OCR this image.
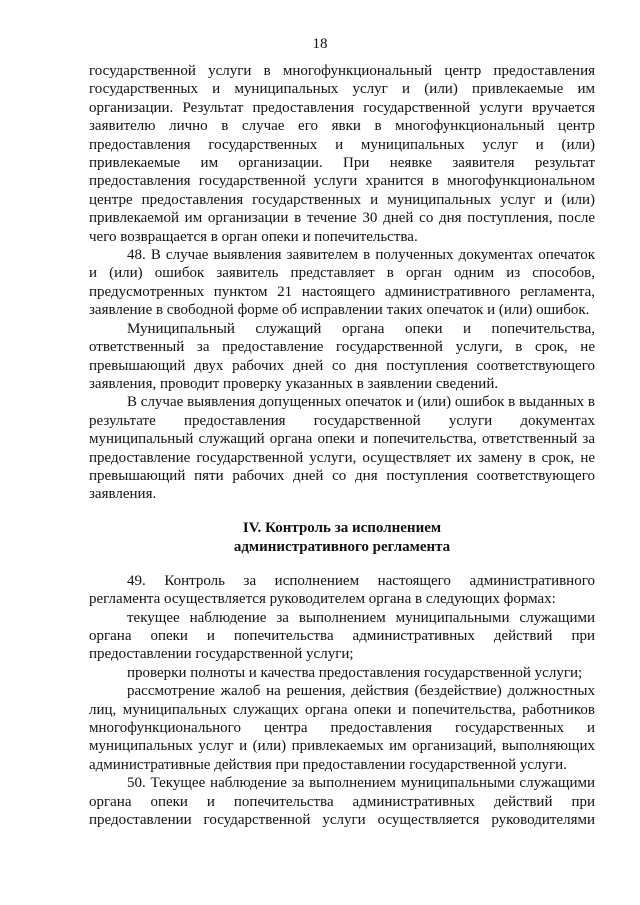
18

государственной услуги в многофункциональный центр предоставления государственных и муниципальных услуг и (или) привлекаемые им организации. Результат предоставления государственной услуги вручается заявителю лично в случае его явки в многофункциональный центр предоставления государственных и муниципальных услуг и (или) привлекаемые им организации. При неявке заявителя результат предоставления государственной услуги хранится в многофункциональном центре предоставления государственных и муниципальных услуг и (или) привлекаемой им организации в течение 30 дней со дня поступления, после чего возвращается в орган опеки и попечительства.

48. В случае выявления заявителем в полученных документах опечаток и (или) ошибок заявитель представляет в орган одним из способов, предусмотренных пунктом 21 настоящего административного регламента, заявление в свободной форме об исправлении таких опечаток и (или) ошибок.

Муниципальный служащий органа опеки и попечительства, ответственный за предоставление государственной услуги, в срок, не превышающий двух рабочих дней со дня поступления соответствующего заявления, проводит проверку указанных в заявлении сведений.

В случае выявления допущенных опечаток и (или) ошибок в выданных в результате предоставления государственной услуги документах муниципальный служащий органа опеки и попечительства, ответственный за предоставление государственной услуги, осуществляет их замену в срок, не превышающий пяти рабочих дней со дня поступления соответствующего заявления.

IV. Контроль за исполнением
административного регламента

49. Контроль за исполнением настоящего административного регламента осуществляется руководителем органа в следующих формах:

текущее наблюдение за выполнением муниципальными служащими органа опеки и попечительства административных действий при предоставлении государственной услуги;

проверки полноты и качества предоставления государственной услуги;

рассмотрение жалоб на решения, действия (бездействие) должностных лиц, муниципальных служащих органа опеки и попечительства, работников многофункционального центра предоставления государственных и муниципальных услуг и (или) привлекаемых им организаций, выполняющих административные действия при предоставлении государственной услуги.

50. Текущее наблюдение за выполнением муниципальными служащими органа опеки и попечительства административных действий при предоставлении государственной услуги осуществляется руководителями
